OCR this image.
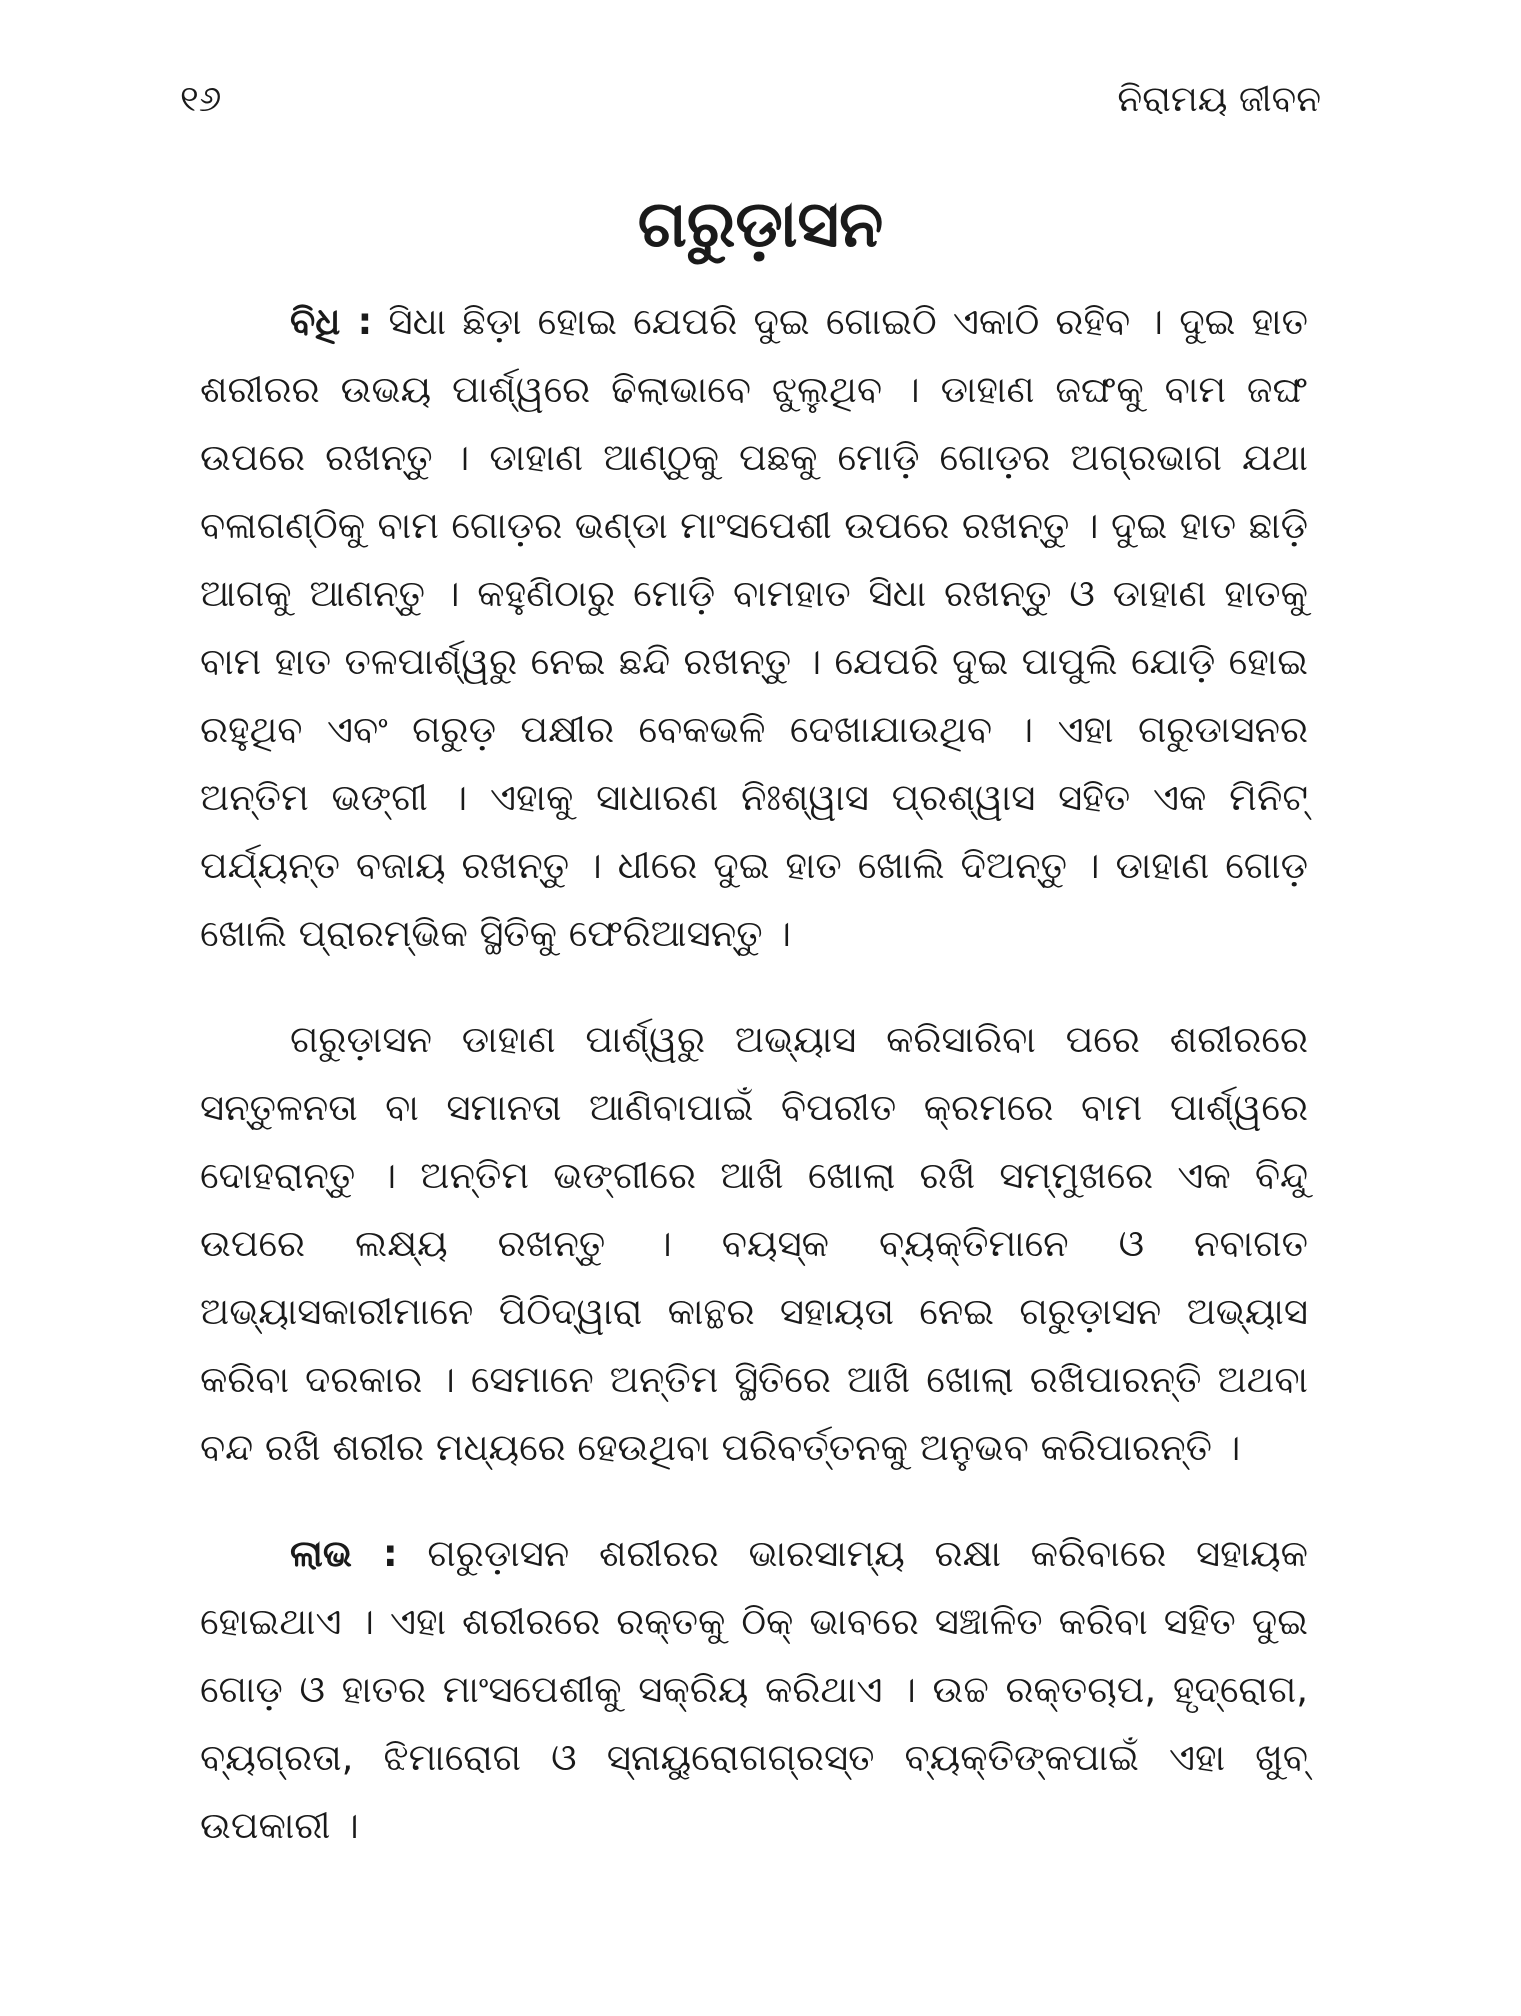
୧୬	ନିରାମୟ ଜୀବନ
ଗରୁଡ଼ାସନ

ବିଧି : ସିଧା ଛିଡ଼ା ହୋଇ ଯେପରି ଦୁଇ ଗୋଇଠି ଏକାଠି ରହିବ । ଦୁଇ ହାତ ଶରୀରର ଉଭୟ ପାର୍ଶ୍ୱରେ ଢିଲାଭାବେ ଝୁଲୁଥିବ । ଡାହାଣ ଜଙ୍ଘକୁ ବାମ ଜଙ୍ଘ ଉପରେ ରଖନ୍ତୁ । ଡାହାଣ ଆଣ୍ଠୁକୁ ପଛକୁ ମୋଡ଼ି ଗୋଡ଼ର ଅଗ୍ରଭାଗ ଯଥା ବଳାଗଣ୍ଠିକୁ ବାମ ଗୋଡ଼ର ଭଣ୍ଡା ମାଂସପେଶୀ ଉପରେ ରଖନ୍ତୁ । ଦୁଇ ହାତ ଛାଡ଼ି ଆଗକୁ ଆଣନ୍ତୁ । କହୁଣିଠାରୁ ମୋଡ଼ି ବାମହାତ ସିଧା ରଖନ୍ତୁ ଓ ଡାହାଣ ହାତକୁ ବାମ ହାତ ତଳପାର୍ଶ୍ୱରୁ ନେଇ ଛନ୍ଦି ରଖନ୍ତୁ । ଯେପରି ଦୁଇ ପାପୁଲି ଯୋଡ଼ି ହୋଇ ରହୁଥିବ ଏବଂ ଗରୁଡ଼ ପକ୍ଷୀର ବେକଭଳି ଦେଖାଯାଉଥିବ । ଏହା ଗରୁଡାସନର ଅନ୍ତିମ ଭଙ୍ଗୀ । ଏହାକୁ ସାଧାରଣ ନିଃଶ୍ୱାସ ପ୍ରଶ୍ୱାସ ସହିତ ଏକ ମିନିଟ୍ ପର୍ଯ୍ୟନ୍ତ ବଜାୟ ରଖନ୍ତୁ । ଧୀରେ ଦୁଇ ହାତ ଖୋଲି ଦିଅନ୍ତୁ । ଡାହାଣ ଗୋଡ଼ ଖୋଲି ପ୍ରାରମ୍ଭିକ ସ୍ଥିତିକୁ ଫେରିଆସନ୍ତୁ ।

ଗରୁଡ଼ାସନ ଡାହାଣ ପାର୍ଶ୍ୱରୁ ଅଭ୍ୟାସ କରିସାରିବା ପରେ ଶରୀରରେ ସନ୍ତୁଳନତା ବା ସମାନତା ଆଣିବାପାଇଁ ବିପରୀତ କ୍ରମରେ ବାମ ପାର୍ଶ୍ୱରେ ଦୋହରାନ୍ତୁ । ଅନ୍ତିମ ଭଙ୍ଗୀରେ ଆଖି ଖୋଲା ରଖି ସମ୍ମୁଖରେ ଏକ ବିନ୍ଦୁ ଉପରେ ଲକ୍ଷ୍ୟ ରଖନ୍ତୁ । ବୟସ୍କ ବ୍ୟକ୍ତିମାନେ ଓ ନବାଗତ ଅଭ୍ୟାସକାରୀମାନେ ପିଠିଦ୍ୱାରା କାନ୍ଥର ସହାୟତା ନେଇ ଗରୁଡ଼ାସନ ଅଭ୍ୟାସ କରିବା ଦରକାର । ସେମାନେ ଅନ୍ତିମ ସ୍ଥିତିରେ ଆଖି ଖୋଲା ରଖିପାରନ୍ତି ଅଥବା ବନ୍ଦ ରଖି ଶରୀର ମଧ୍ୟରେ ହେଉଥିବା ପରିବର୍ତ୍ତନକୁ ଅନୁଭବ କରିପାରନ୍ତି ।

ଲାଭ : ଗରୁଡ଼ାସନ ଶରୀରର ଭାରସାମ୍ୟ ରକ୍ଷା କରିବାରେ ସହାୟକ ହୋଇଥାଏ । ଏହା ଶରୀରରେ ରକ୍ତକୁ ଠିକ୍ ଭାବରେ ସଞ୍ଚାଳିତ କରିବା ସହିତ ଦୁଇ ଗୋଡ଼ ଓ ହାତର ମାଂସପେଶୀକୁ ସକ୍ରିୟ କରିଥାଏ । ଉଚ୍ଚ ରକ୍ତଚାପ, ହୃଦ୍‌ରୋଗ, ବ୍ୟଗ୍ରତା, ଝିମାରୋଗ ଓ ସ୍ନାୟୁରୋଗଗ୍ରସ୍ତ ବ୍ୟକ୍ତିଙ୍କପାଇଁ ଏହା ଖୁବ୍ ଉପକାରୀ ।
